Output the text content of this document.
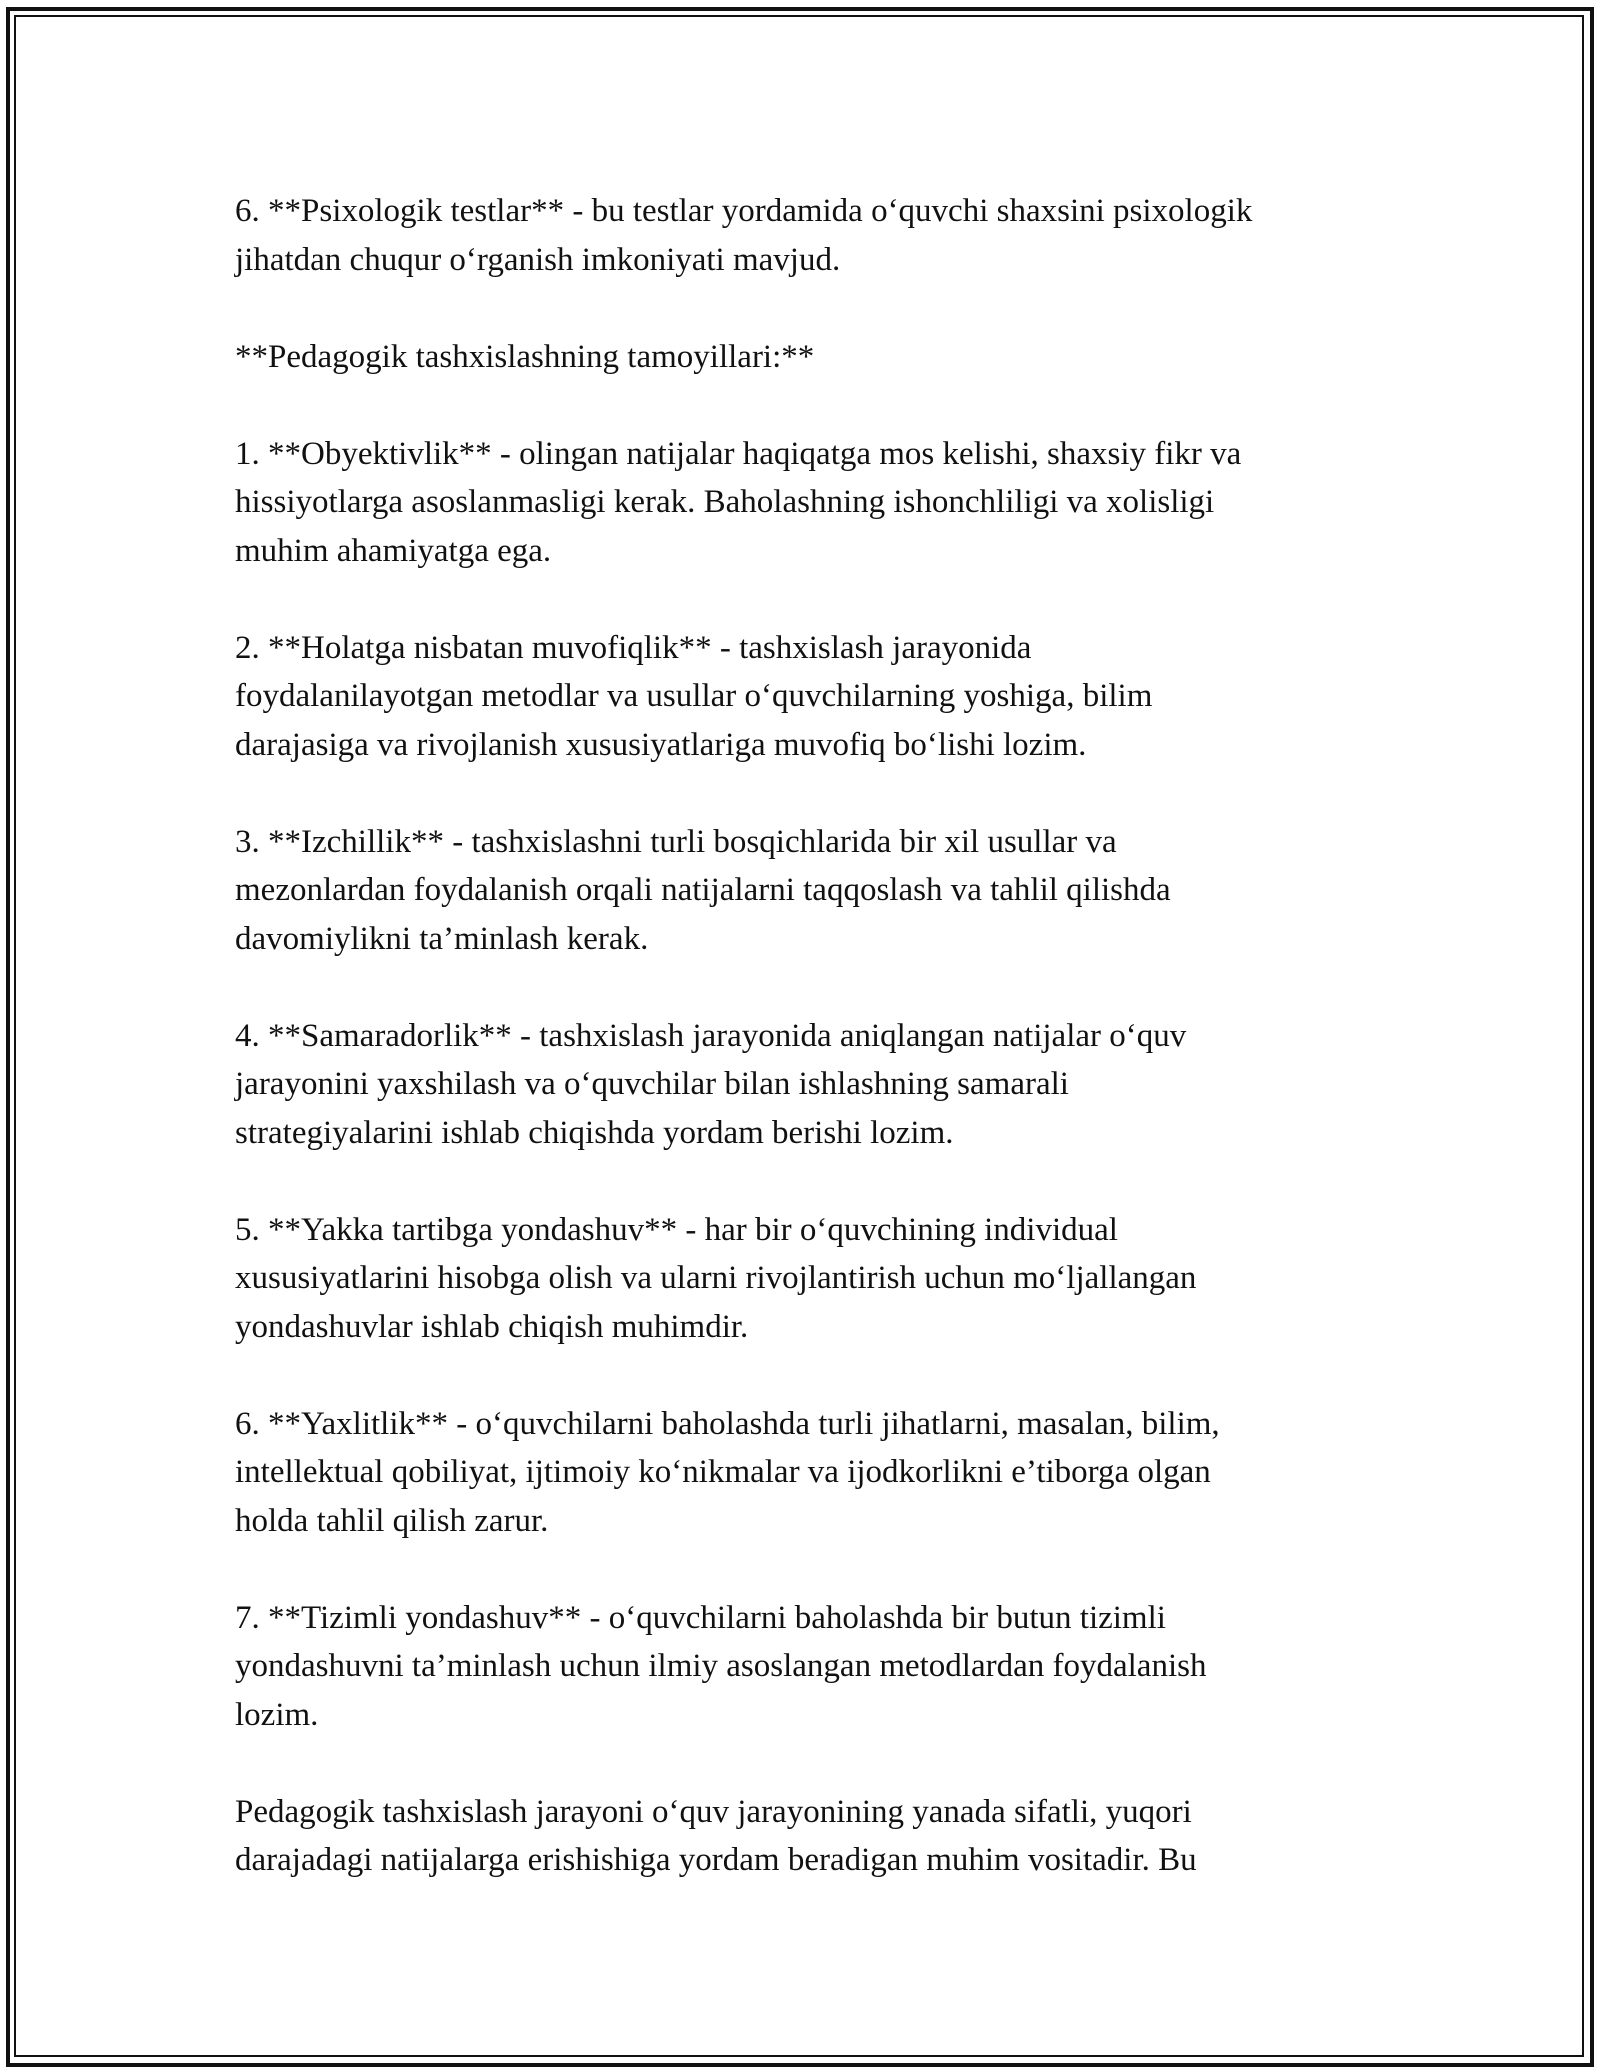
6. **Psixologik testlar** - bu testlar yordamida o‘quvchi shaxsini psixologik
jihatdan chuqur o‘rganish imkoniyati mavjud.

**Pedagogik tashxislashning tamoyillari:**

1. **Obyektivlik** - olingan natijalar haqiqatga mos kelishi, shaxsiy fikr va
hissiyotlarga asoslanmasligi kerak. Baholashning ishonchliligi va xolisligi
muhim ahamiyatga ega.

2. **Holatga nisbatan muvofiqlik** - tashxislash jarayonida
foydalanilayotgan metodlar va usullar o‘quvchilarning yoshiga, bilim
darajasiga va rivojlanish xususiyatlariga muvofiq bo‘lishi lozim.

3. **Izchillik** - tashxislashni turli bosqichlarida bir xil usullar va
mezonlardan foydalanish orqali natijalarni taqqoslash va tahlil qilishda
davomiylikni ta’minlash kerak.

4. **Samaradorlik** - tashxislash jarayonida aniqlangan natijalar o‘quv
jarayonini yaxshilash va o‘quvchilar bilan ishlashning samarali
strategiyalarini ishlab chiqishda yordam berishi lozim.

5. **Yakka tartibga yondashuv** - har bir o‘quvchining individual
xususiyatlarini hisobga olish va ularni rivojlantirish uchun mo‘ljallangan
yondashuvlar ishlab chiqish muhimdir.

6. **Yaxlitlik** - o‘quvchilarni baholashda turli jihatlarni, masalan, bilim,
intellektual qobiliyat, ijtimoiy ko‘nikmalar va ijodkorlikni e’tiborga olgan
holda tahlil qilish zarur.

7. **Tizimli yondashuv** - o‘quvchilarni baholashda bir butun tizimli
yondashuvni ta’minlash uchun ilmiy asoslangan metodlardan foydalanish
lozim.

Pedagogik tashxislash jarayoni o‘quv jarayonining yanada sifatli, yuqori
darajadagi natijalarga erishishiga yordam beradigan muhim vositadir. Bu
